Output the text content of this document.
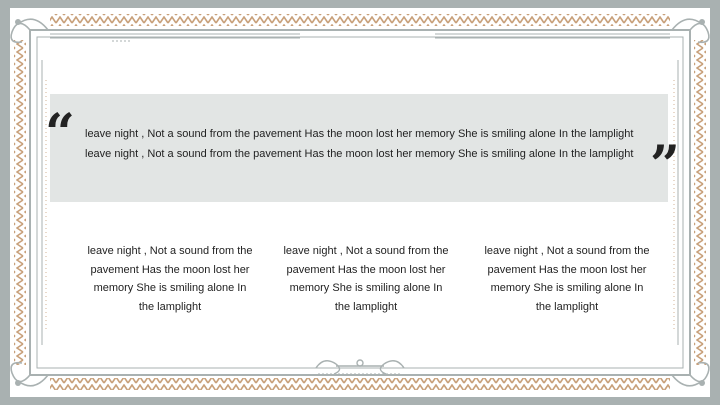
“
”
leave night , Not a sound from the pavement Has the moon lost her memory She is smiling alone In the lamplight leave night , Not a sound from the pavement Has the moon lost her memory She is smiling alone In the lamplight
leave night , Not a sound from the pavement Has the moon lost her memory She is smiling alone In the lamplight
leave night , Not a sound from the pavement Has the moon lost her memory She is smiling alone In the lamplight
leave night , Not a sound from the pavement Has the moon lost her memory She is smiling alone In the lamplight
